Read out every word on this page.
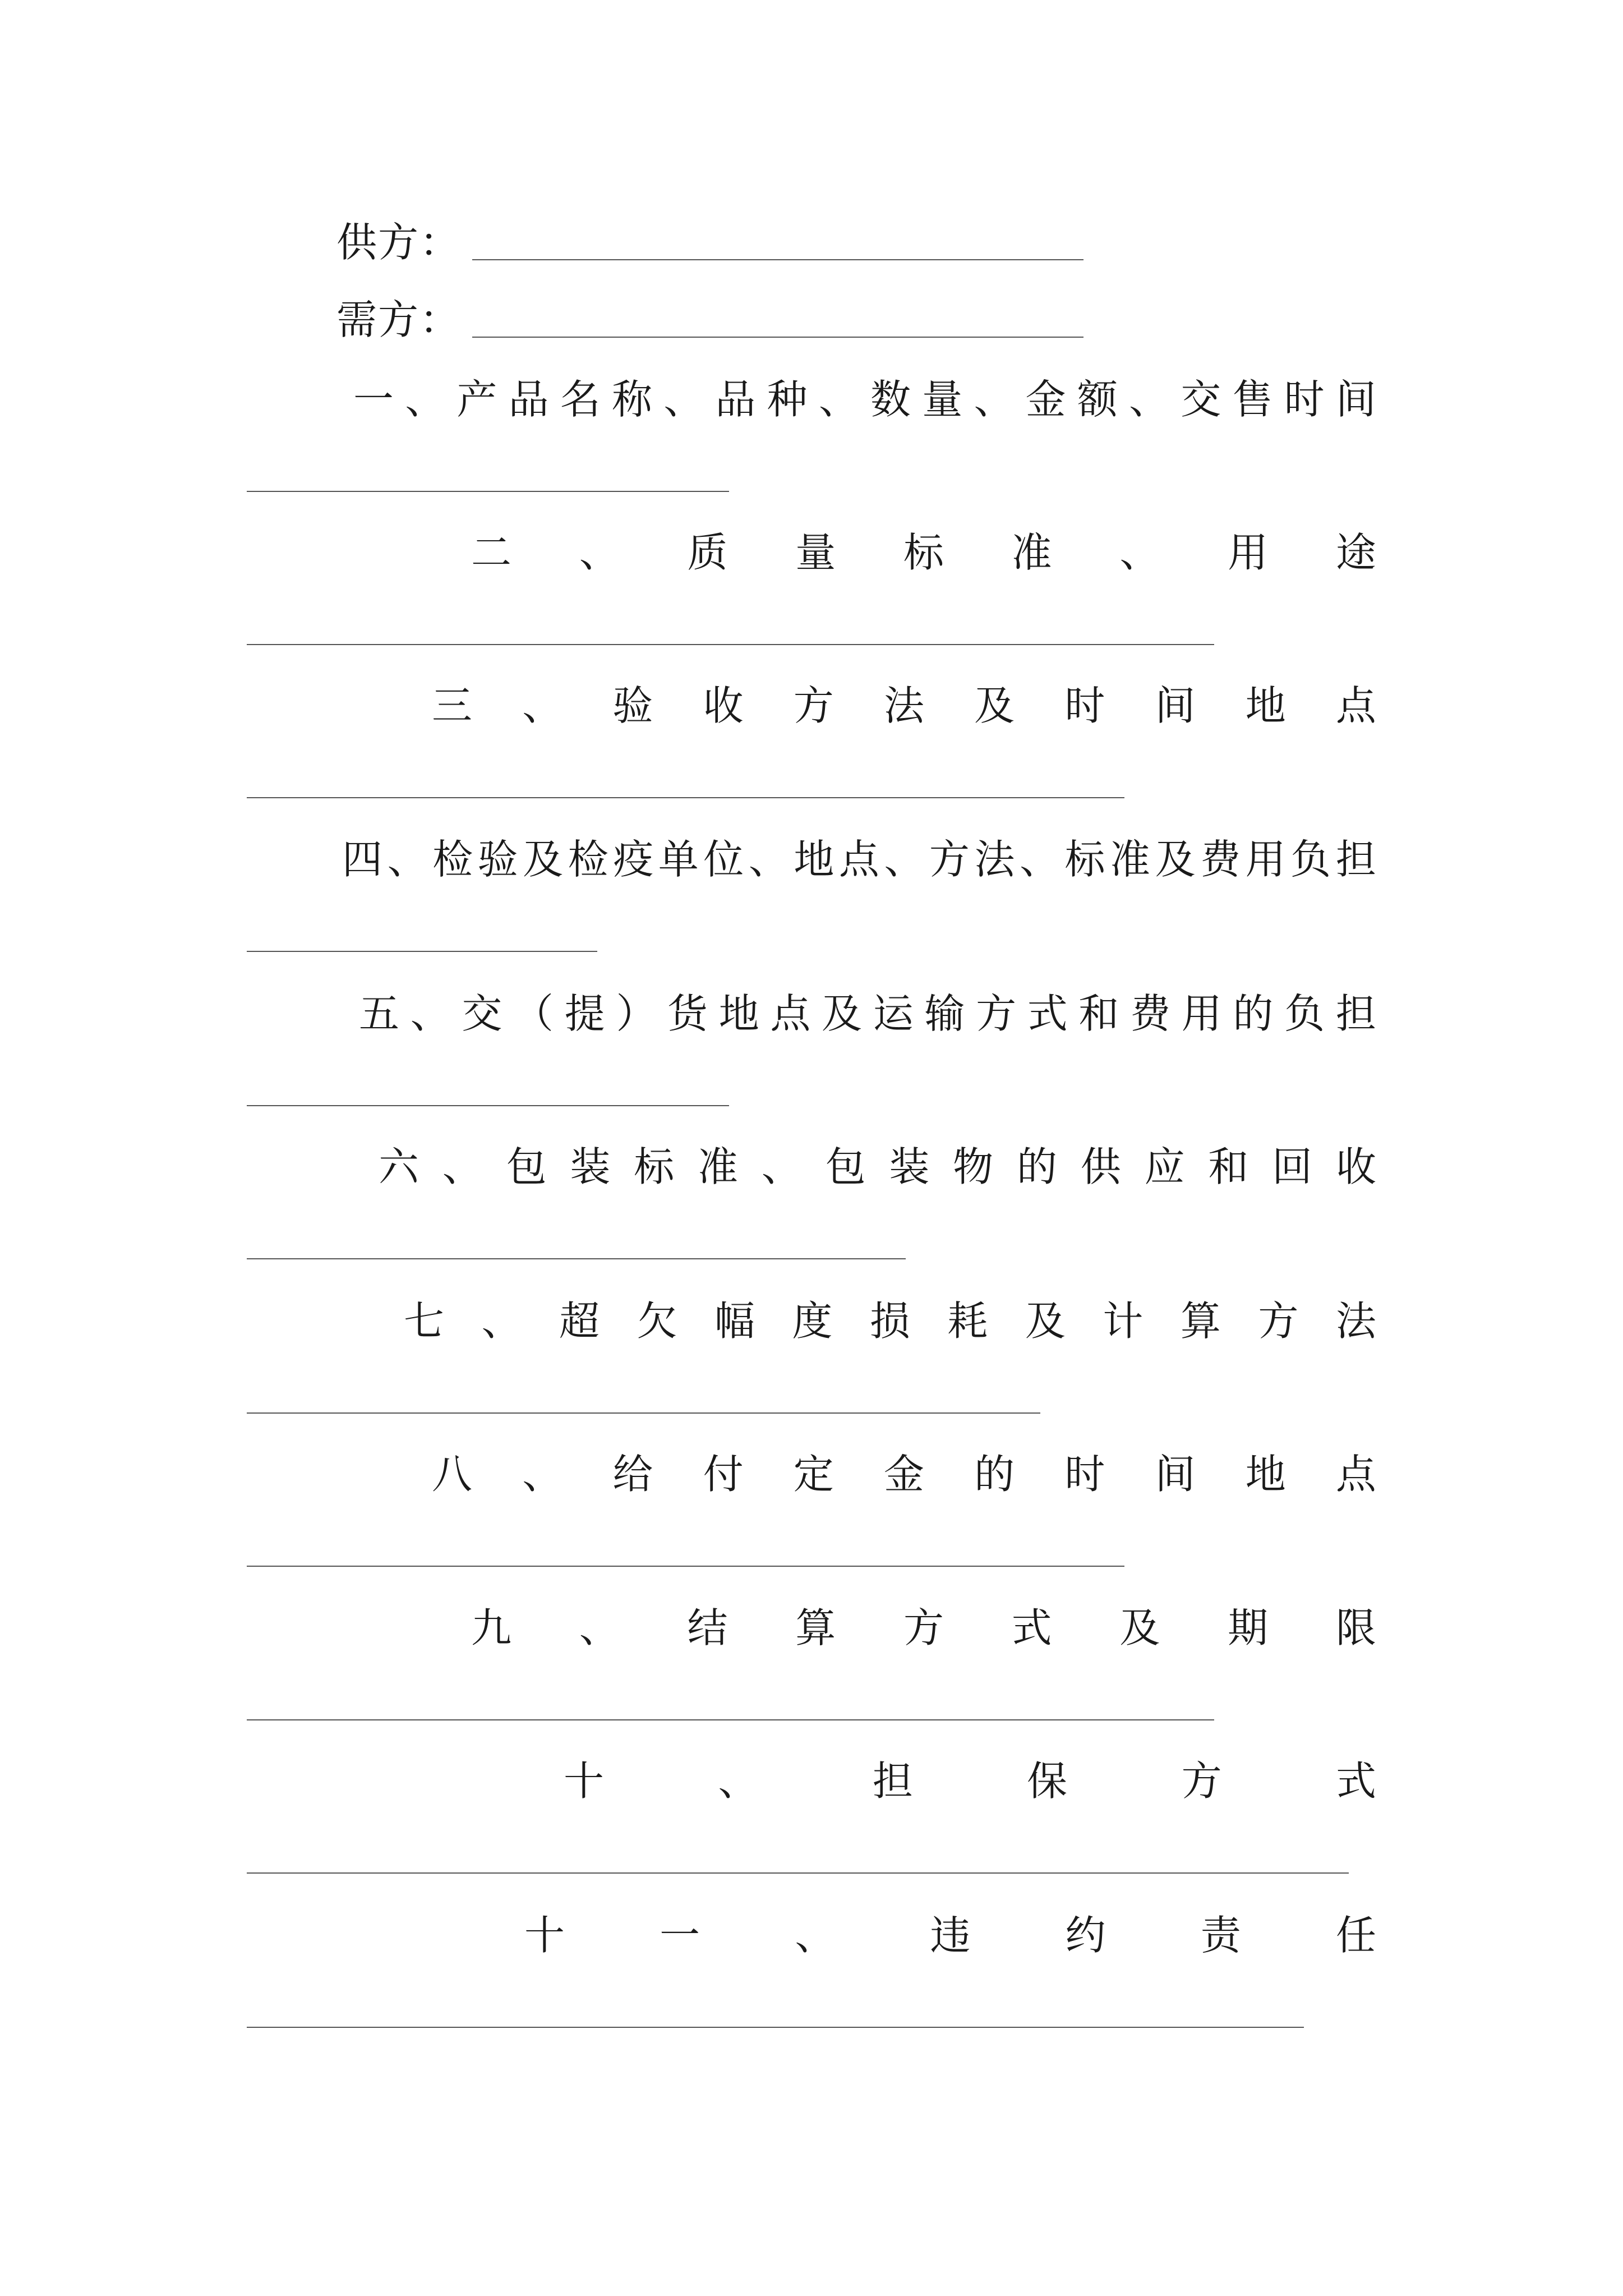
供方：
需方：
一 、 产 品 名 称 、 品 种 、 数 量 、 金 额 、 交 售 时 间
二 、 质 量 标 准 、 用 途
三 、 验 收 方 法 及 时 间 地 点
四 、 检 验 及 检 疫 单 位 、 地 点 、 方 法 、 标 准 及 费 用 负 担
五 、 交 （ 提 ） 货 地 点 及 运 输 方 式 和 费 用 的 负 担
六 、 包 装 标 准 、 包 装 物 的 供 应 和 回 收
七 、 超 欠 幅 度 损 耗 及 计 算 方 法
八 、 给 付 定 金 的 时 间 地 点
九 、 结 算 方 式 及 期 限
十	、	担	保	方	式
十 一 、 违 约 责 任
